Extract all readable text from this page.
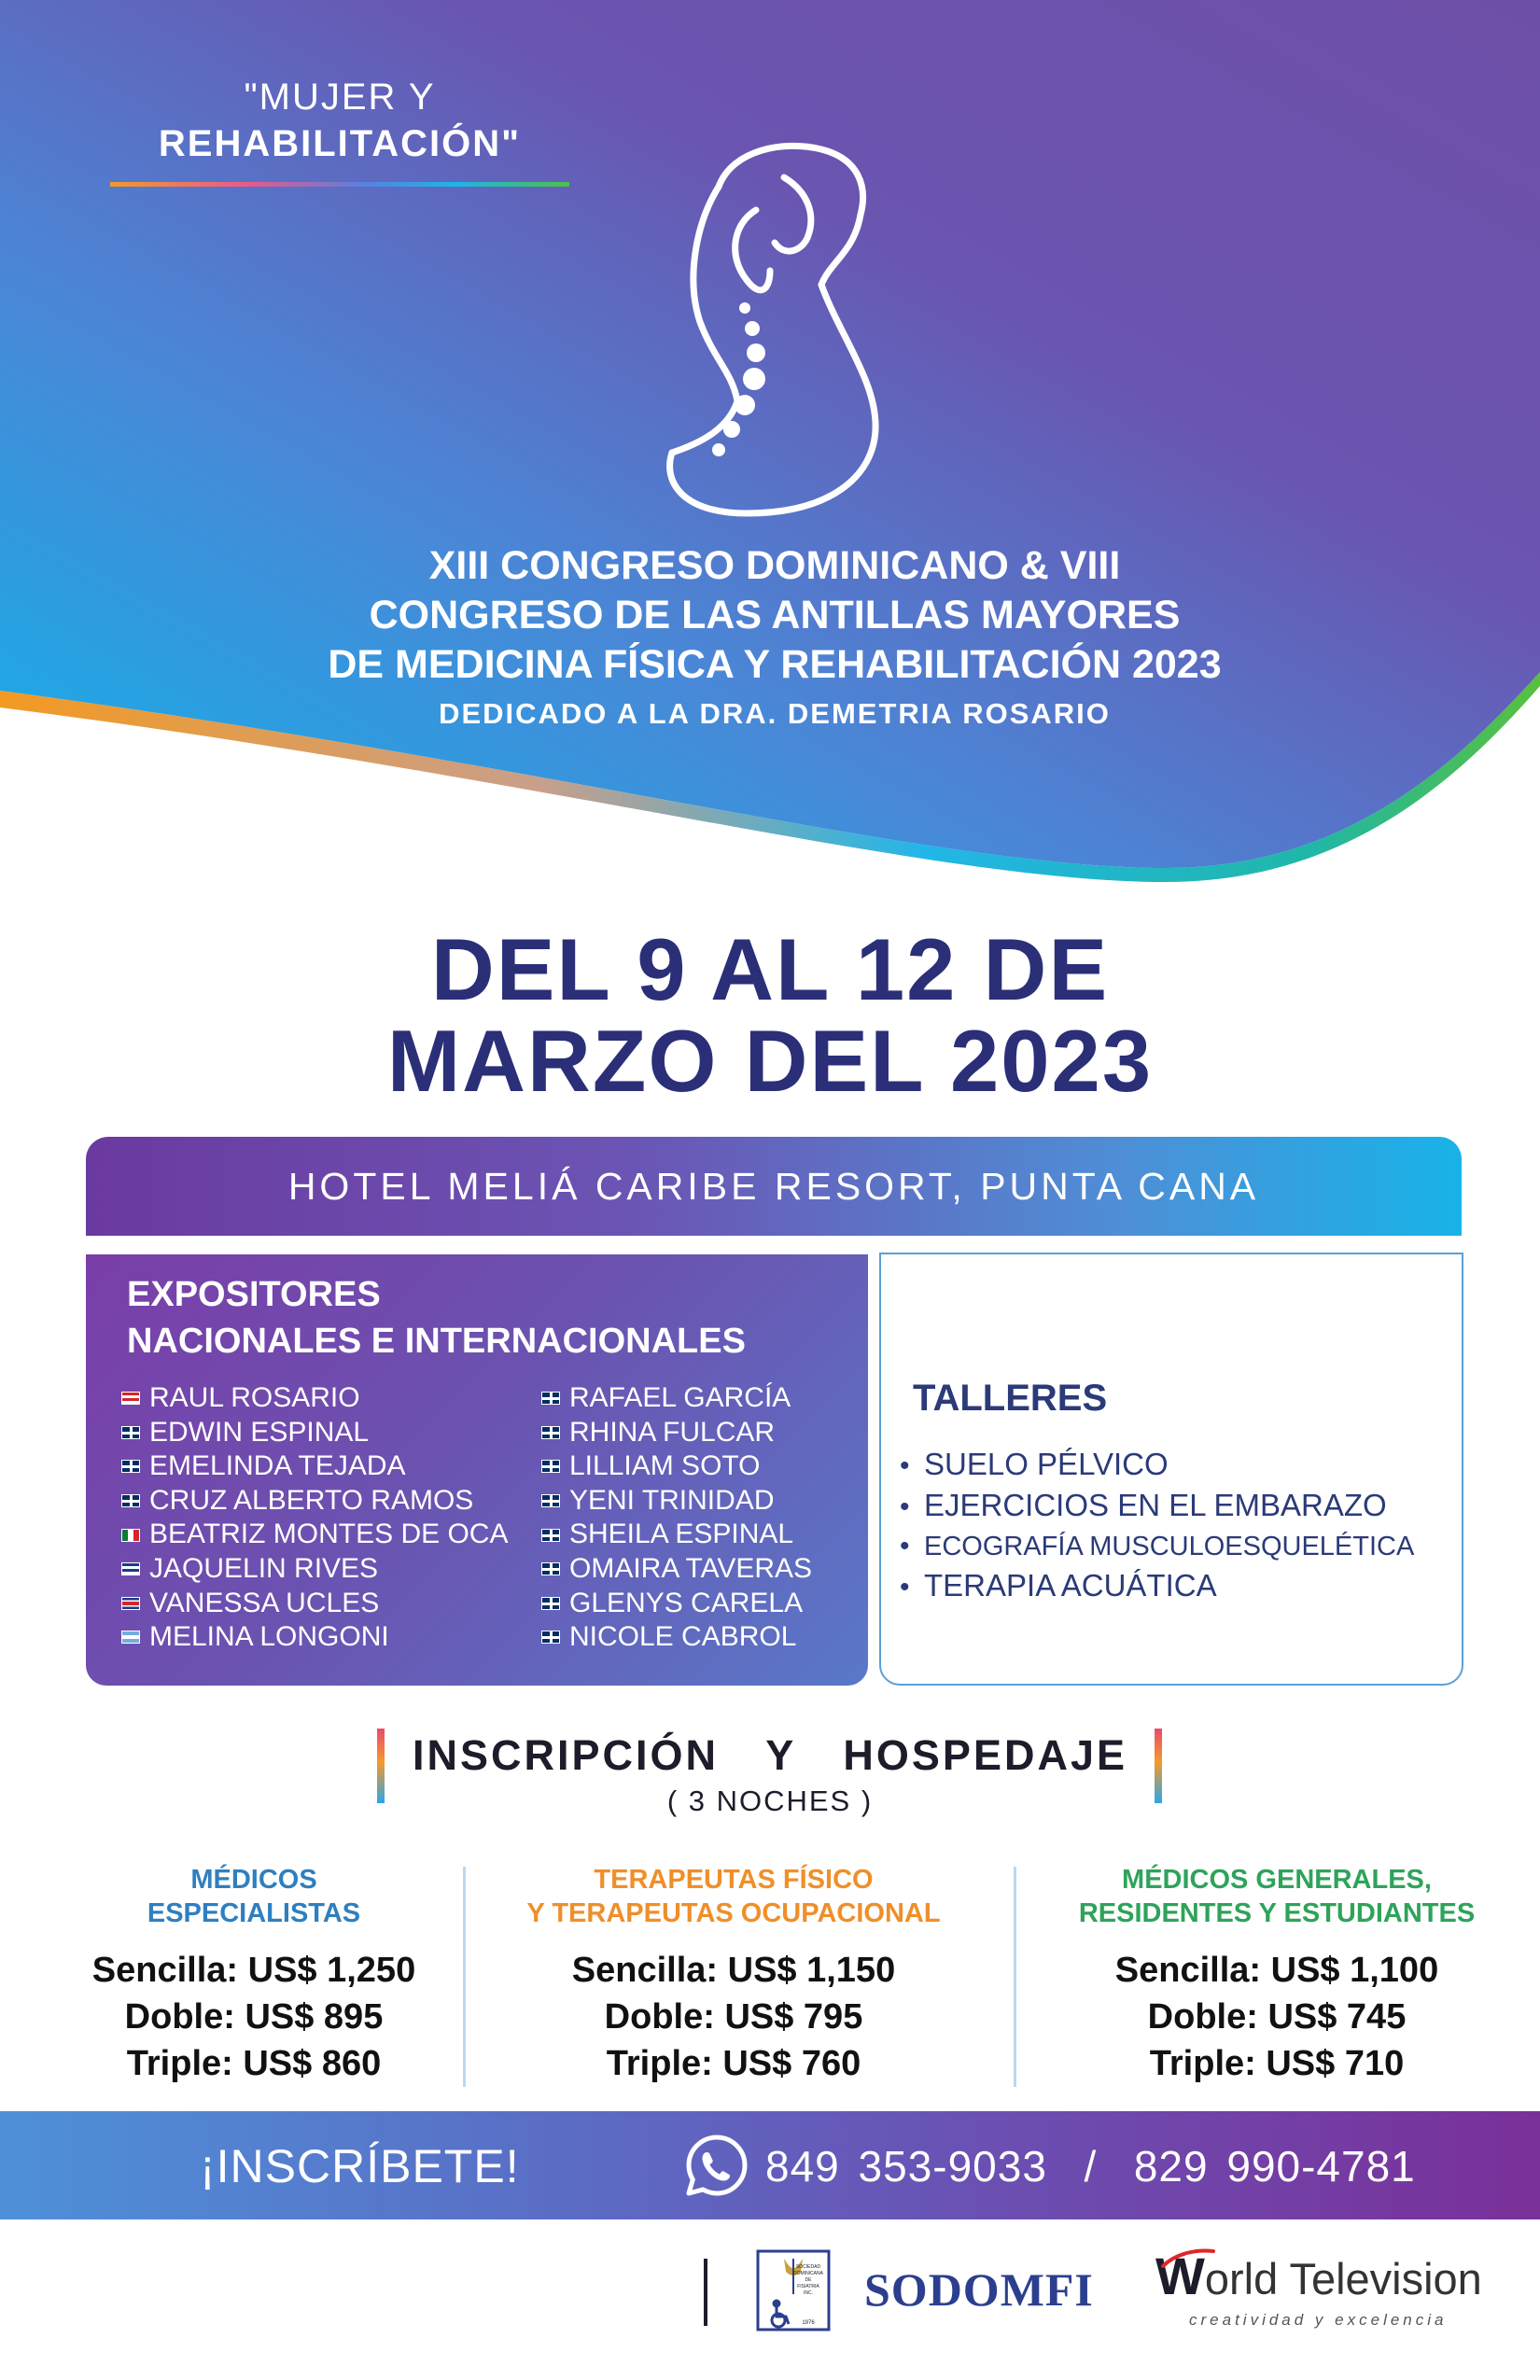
"MUJER Y
REHABILITACIÓN"
XIII CONGRESO DOMINICANO & VIII
CONGRESO DE LAS ANTILLAS MAYORES
DE MEDICINA FÍSICA Y REHABILITACIÓN 2023
DEDICADO A LA DRA. DEMETRIA ROSARIO
DEL 9 AL 12 DE
MARZO DEL 2023
HOTEL MELIÁ CARIBE RESORT, PUNTA CANA
EXPOSITORES
NACIONALES E INTERNACIONALES
RAUL ROSARIO
EDWIN ESPINAL
EMELINDA TEJADA
CRUZ ALBERTO RAMOS
BEATRIZ MONTES DE OCA
JAQUELIN RIVES
VANESSA UCLES
MELINA LONGONI
RAFAEL GARCÍA
RHINA FULCAR
LILLIAM SOTO
YENI TRINIDAD
SHEILA ESPINAL
OMAIRA TAVERAS
GLENYS CARELA
NICOLE CABROL
TALLERES
• SUELO PÉLVICO
• EJERCICIOS EN EL EMBARAZO
• ECOGRAFÍA MUSCULOESQUELÉTICA
• TERAPIA ACUÁTICA
INSCRIPCIÓN  Y  HOSPEDAJE
( 3 NOCHES )
MÉDICOS
ESPECIALISTAS
Sencilla: US$ 1,250
Doble: US$ 895
Triple: US$ 860
TERAPEUTAS FÍSICO
Y TERAPEUTAS OCUPACIONAL
Sencilla: US$ 1,150
Doble: US$ 795
Triple: US$ 760
MÉDICOS GENERALES,
RESIDENTES Y ESTUDIANTES
Sencilla: US$ 1,100
Doble: US$ 745
Triple: US$ 710
¡INSCRÍBETE!	849 353-9033  /  829 990-4781
SOCIEDAD
DOMINICANA
DE
FISIATRIA
INC.
1976
SODOMFI World Television
creatividad y excelencia
